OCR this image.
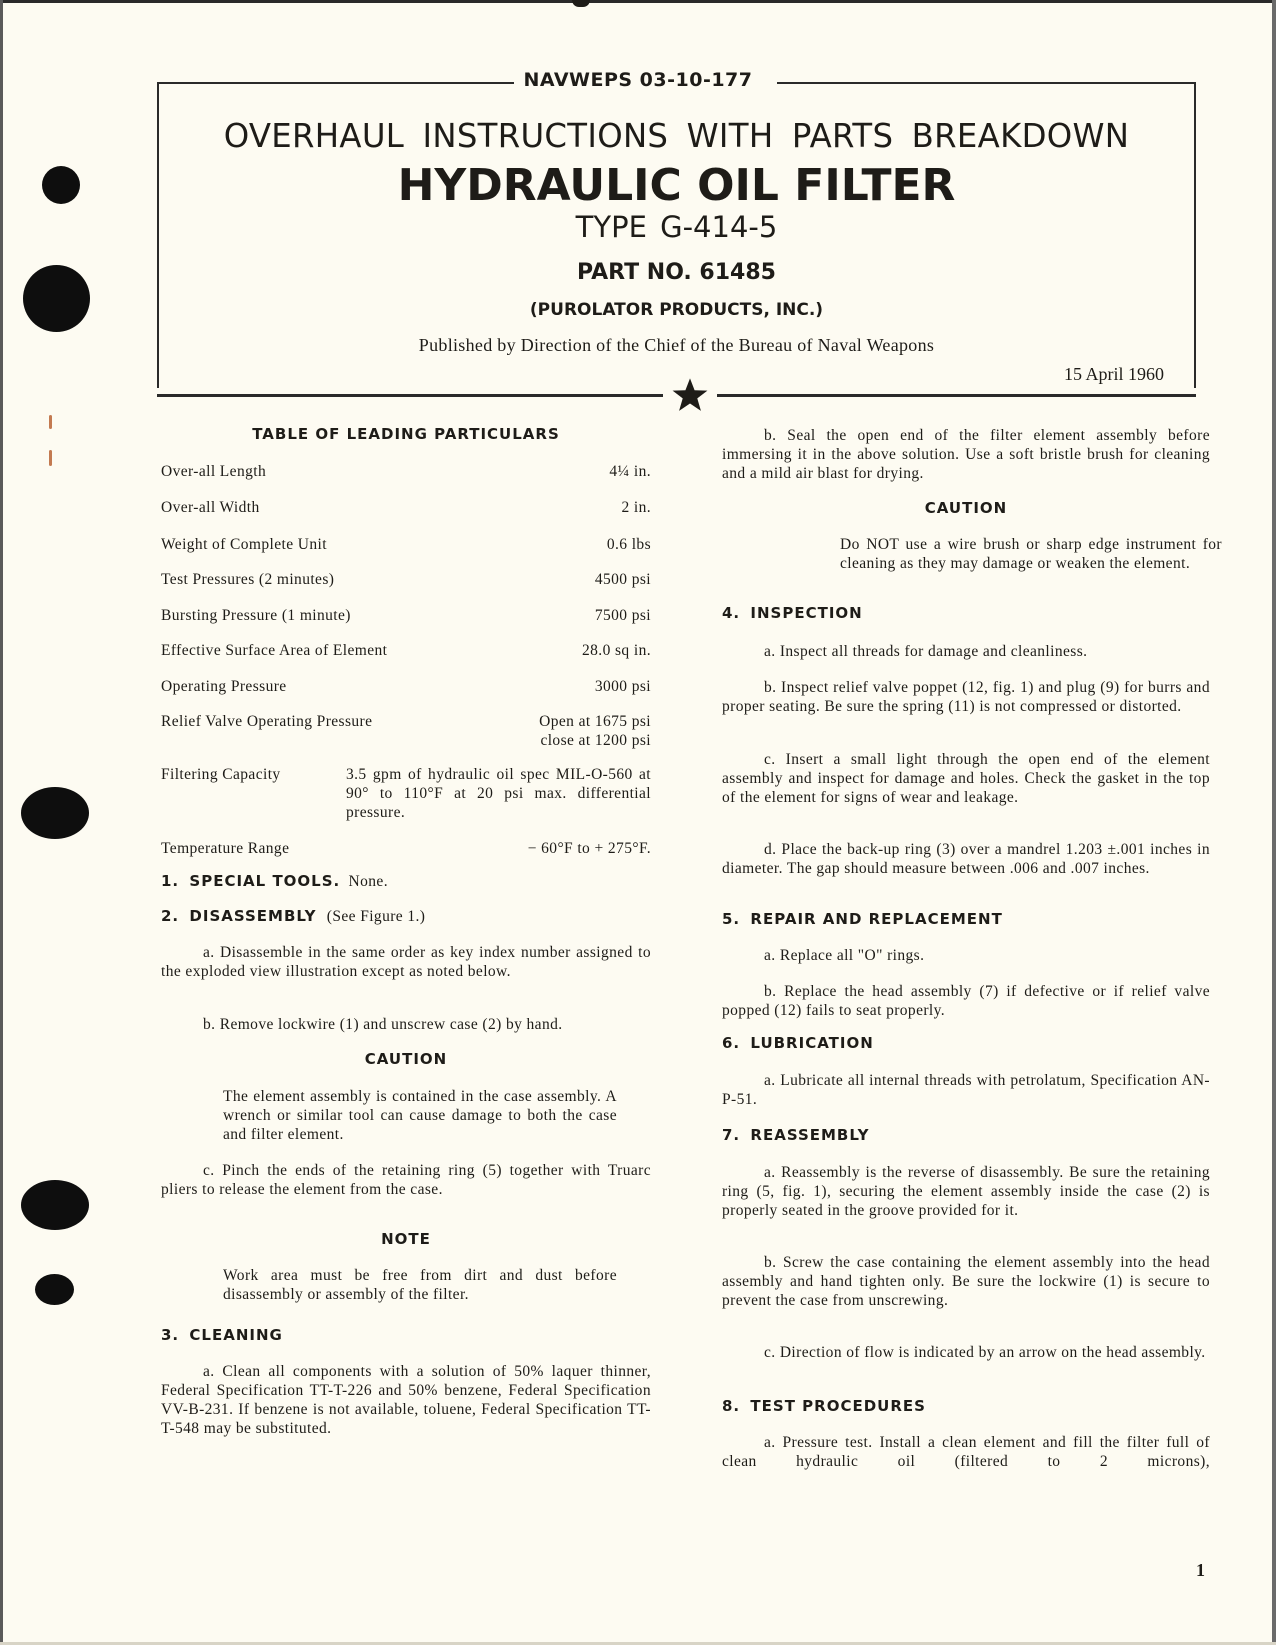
NAVWEPS 03-10-177
OVERHAUL INSTRUCTIONS WITH PARTS BREAKDOWN
HYDRAULIC OIL FILTER
TYPE G-414-5
PART NO. 61485
(PUROLATOR PRODUCTS, INC.)
Published by Direction of the Chief of the Bureau of Naval Weapons
15 April 1960
TABLE OF LEADING PARTICULARS
Over-all Length	4¼ in.
Over-all Width	2 in.
Weight of Complete Unit	0.6 lbs
Test Pressures (2 minutes)	4500 psi
Bursting Pressure (1 minute)	7500 psi
Effective Surface Area of Element	28.0 sq in.
Operating Pressure	3000 psi
Relief Valve Operating Pressure	Open at 1675 psi
close at 1200 psi
Filtering Capacity	3.5 gpm of hydraulic oil spec MIL-O-560 at 90° to 110°F at 20 psi max. differential pressure.
Temperature Range	− 60°F to + 275°F.
1. SPECIAL TOOLS. None.
2. DISASSEMBLY (See Figure 1.)
a. Disassemble in the same order as key index number assigned to the exploded view illustration except as noted below.
b. Remove lockwire (1) and unscrew case (2) by hand.
CAUTION
The element assembly is contained in the case assembly. A wrench or similar tool can cause damage to both the case and filter element.
c. Pinch the ends of the retaining ring (5) together with Truarc pliers to release the element from the case.
NOTE
Work area must be free from dirt and dust before disassembly or assembly of the filter.
3. CLEANING
a. Clean all components with a solution of 50% laquer thinner, Federal Specification TT-T-226 and 50% benzene, Federal Specification VV-B-231. If benzene is not available, toluene, Federal Specification TT-T-548 may be substituted.
b. Seal the open end of the filter element assembly before immersing it in the above solution. Use a soft bristle brush for cleaning and a mild air blast for drying.
CAUTION
Do NOT use a wire brush or sharp edge instrument for cleaning as they may damage or weaken the element.
4. INSPECTION
a. Inspect all threads for damage and cleanliness.
b. Inspect relief valve poppet (12, fig. 1) and plug (9) for burrs and proper seating. Be sure the spring (11) is not compressed or distorted.
c. Insert a small light through the open end of the element assembly and inspect for damage and holes. Check the gasket in the top of the element for signs of wear and leakage.
d. Place the back-up ring (3) over a mandrel 1.203 ±.001 inches in diameter. The gap should measure between .006 and .007 inches.
5. REPAIR AND REPLACEMENT
a. Replace all "O" rings.
b. Replace the head assembly (7) if defective or if relief valve popped (12) fails to seat properly.
6. LUBRICATION
a. Lubricate all internal threads with petrolatum, Specification AN-P-51.
7. REASSEMBLY
a. Reassembly is the reverse of disassembly. Be sure the retaining ring (5, fig. 1), securing the element assembly inside the case (2) is properly seated in the groove provided for it.
b. Screw the case containing the element assembly into the head assembly and hand tighten only. Be sure the lockwire (1) is secure to prevent the case from unscrewing.
c. Direction of flow is indicated by an arrow on the head assembly.
8. TEST PROCEDURES
a. Pressure test. Install a clean element and fill the filter full of clean hydraulic oil (filtered to 2 microns),
1
